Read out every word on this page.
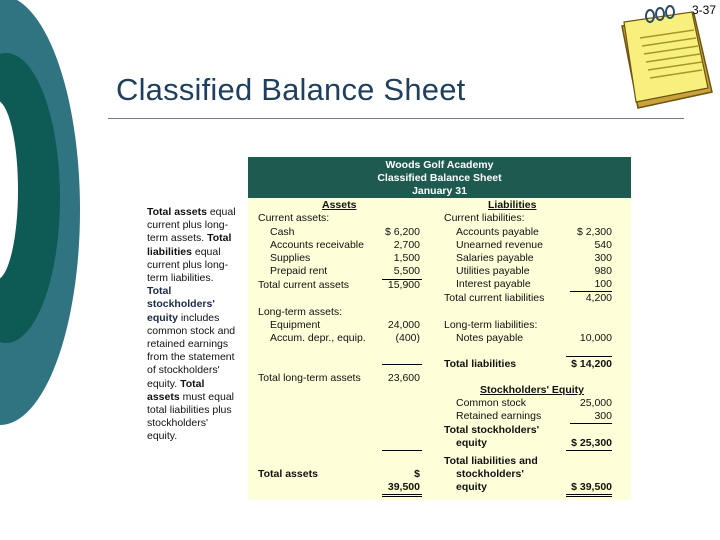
3-37
Classified Balance Sheet
Total assets equal current plus long-term assets. Total liabilities equal current plus long-term liabilities. Total stockholders' equity includes common stock and retained earnings from the statement of stockholders' equity. Total assets must equal total liabilities plus stockholders' equity.
Woods Golf Academy
Classified Balance Sheet
January 31
Assets
Current assets:
Cash	$ 6,200
Accounts receivable	2,700
Supplies	1,500
Prepaid rent	5,500
Total current assets	15,900
Long-term assets:
Equipment	24,000
Accum. depr., equip.	(400)
Total long-term assets	23,600
Total assets	$
39,500
Liabilities
Current liabilities:
Accounts payable	$ 2,300
Unearned revenue	540
Salaries payable	300
Utilities payable	980
Interest payable	100
Total current liabilities	4,200
Long-term liabilities:
Notes payable	10,000
Total liabilities	$ 14,200
Stockholders' Equity
Common stock	25,000
Retained earnings	300
Total stockholders'
equity	$ 25,300
Total liabilities and
stockholders'
equity	$ 39,500
